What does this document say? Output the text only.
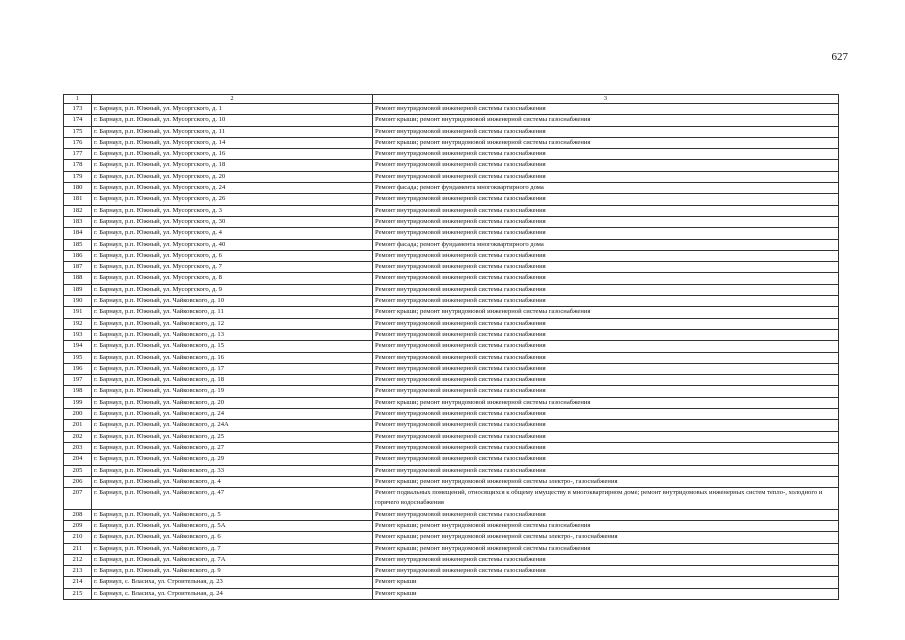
627
1	2	3
173	г. Барнаул, р.п. Южный, ул. Мусоргского, д. 1	Ремонт внутридомовой инженерной системы газоснабжения
174	г. Барнаул, р.п. Южный, ул. Мусоргского, д. 10	Ремонт крыши; ремонт внутридомовой инженерной системы газоснабжения
175	г. Барнаул, р.п. Южный, ул. Мусоргского, д. 11	Ремонт внутридомовой инженерной системы газоснабжения
176	г. Барнаул, р.п. Южный, ул. Мусоргского, д. 14	Ремонт крыши; ремонт внутридомовой инженерной системы газоснабжения
177	г. Барнаул, р.п. Южный, ул. Мусоргского, д. 16	Ремонт внутридомовой инженерной системы газоснабжения
178	г. Барнаул, р.п. Южный, ул. Мусоргского, д. 18	Ремонт внутридомовой инженерной системы газоснабжения
179	г. Барнаул, р.п. Южный, ул. Мусоргского, д. 20	Ремонт внутридомовой инженерной системы газоснабжения
180	г. Барнаул, р.п. Южный, ул. Мусоргского, д. 24	Ремонт фасада; ремонт фундамента многоквартирного дома
181	г. Барнаул, р.п. Южный, ул. Мусоргского, д. 26	Ремонт внутридомовой инженерной системы газоснабжения
182	г. Барнаул, р.п. Южный, ул. Мусоргского, д. 3	Ремонт внутридомовой инженерной системы газоснабжения
183	г. Барнаул, р.п. Южный, ул. Мусоргского, д. 30	Ремонт внутридомовой инженерной системы газоснабжения
184	г. Барнаул, р.п. Южный, ул. Мусоргского, д. 4	Ремонт внутридомовой инженерной системы газоснабжения
185	г. Барнаул, р.п. Южный, ул. Мусоргского, д. 40	Ремонт фасада; ремонт фундамента многоквартирного дома
186	г. Барнаул, р.п. Южный, ул. Мусоргского, д. 6	Ремонт внутридомовой инженерной системы газоснабжения
187	г. Барнаул, р.п. Южный, ул. Мусоргского, д. 7	Ремонт внутридомовой инженерной системы газоснабжения
188	г. Барнаул, р.п. Южный, ул. Мусоргского, д. 8	Ремонт внутридомовой инженерной системы газоснабжения
189	г. Барнаул, р.п. Южный, ул. Мусоргского, д. 9	Ремонт внутридомовой инженерной системы газоснабжения
190	г. Барнаул, р.п. Южный, ул. Чайковского, д. 10	Ремонт внутридомовой инженерной системы газоснабжения
191	г. Барнаул, р.п. Южный, ул. Чайковского, д. 11	Ремонт крыши; ремонт внутридомовой инженерной системы газоснабжения
192	г. Барнаул, р.п. Южный, ул. Чайковского, д. 12	Ремонт внутридомовой инженерной системы газоснабжения
193	г. Барнаул, р.п. Южный, ул. Чайковского, д. 13	Ремонт внутридомовой инженерной системы газоснабжения
194	г. Барнаул, р.п. Южный, ул. Чайковского, д. 15	Ремонт внутридомовой инженерной системы газоснабжения
195	г. Барнаул, р.п. Южный, ул. Чайковского, д. 16	Ремонт внутридомовой инженерной системы газоснабжения
196	г. Барнаул, р.п. Южный, ул. Чайковского, д. 17	Ремонт внутридомовой инженерной системы газоснабжения
197	г. Барнаул, р.п. Южный, ул. Чайковского, д. 18	Ремонт внутридомовой инженерной системы газоснабжения
198	г. Барнаул, р.п. Южный, ул. Чайковского, д. 19	Ремонт внутридомовой инженерной системы газоснабжения
199	г. Барнаул, р.п. Южный, ул. Чайковского, д. 20	Ремонт крыши; ремонт внутридомовой инженерной системы газоснабжения
200	г. Барнаул, р.п. Южный, ул. Чайковского, д. 24	Ремонт внутридомовой инженерной системы газоснабжения
201	г. Барнаул, р.п. Южный, ул. Чайковского, д. 24А	Ремонт внутридомовой инженерной системы газоснабжения
202	г. Барнаул, р.п. Южный, ул. Чайковского, д. 25	Ремонт внутридомовой инженерной системы газоснабжения
203	г. Барнаул, р.п. Южный, ул. Чайковского, д. 27	Ремонт внутридомовой инженерной системы газоснабжения
204	г. Барнаул, р.п. Южный, ул. Чайковского, д. 29	Ремонт внутридомовой инженерной системы газоснабжения
205	г. Барнаул, р.п. Южный, ул. Чайковского, д. 33	Ремонт внутридомовой инженерной системы газоснабжения
206	г. Барнаул, р.п. Южный, ул. Чайковского, д. 4	Ремонт крыши; ремонт внутридомовой инженерной системы электро-, газоснабжения
207	г. Барнаул, р.п. Южный, ул. Чайковского, д. 47	Ремонт подвальных помещений, относящихся к общему имуществу в многоквартирном доме; ремонт внутридомовых инженерных систем тепло-, холодного и горячего водоснабжения
208	г. Барнаул, р.п. Южный, ул. Чайковского, д. 5	Ремонт внутридомовой инженерной системы газоснабжения
209	г. Барнаул, р.п. Южный, ул. Чайковского, д. 5А	Ремонт крыши; ремонт внутридомовой инженерной системы газоснабжения
210	г. Барнаул, р.п. Южный, ул. Чайковского, д. 6	Ремонт крыши; ремонт внутридомовой инженерной системы электро-, газоснабжения
211	г. Барнаул, р.п. Южный, ул. Чайковского, д. 7	Ремонт крыши; ремонт внутридомовой инженерной системы газоснабжения
212	г. Барнаул, р.п. Южный, ул. Чайковского, д. 7А	Ремонт внутридомовой инженерной системы газоснабжения
213	г. Барнаул, р.п. Южный, ул. Чайковского, д. 9	Ремонт внутридомовой инженерной системы газоснабжения
214	г. Барнаул, с. Власиха, ул. Строительная, д. 23	Ремонт крыши
215	г. Барнаул, с. Власиха, ул. Строительная, д. 24	Ремонт крыши
